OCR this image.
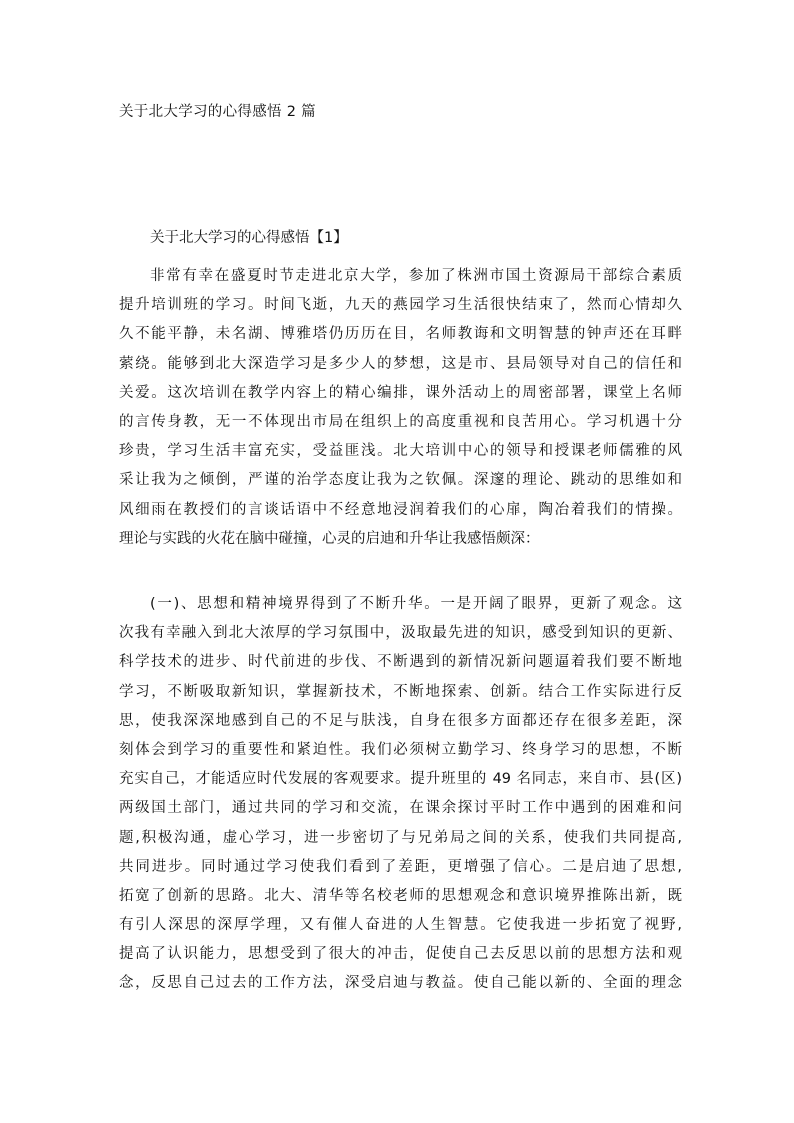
关于北大学习的心得感悟 2 篇
关于北大学习的心得感悟【1】
非常有幸在盛夏时节走进北京大学，参加了株洲市国土资源局干部综合素质
提升培训班的学习。时间飞逝，九天的燕园学习生活很快结束了，然而心情却久
久不能平静，未名湖、博雅塔仍历历在目，名师教诲和文明智慧的钟声还在耳畔
萦绕。能够到北大深造学习是多少人的梦想，这是市、县局领导对自己的信任和
关爱。这次培训在教学内容上的精心编排，课外活动上的周密部署，课堂上名师
的言传身教，无一不体现出市局在组织上的高度重视和良苦用心。学习机遇十分
珍贵，学习生活丰富充实，受益匪浅。北大培训中心的领导和授课老师儒雅的风
采让我为之倾倒，严谨的治学态度让我为之钦佩。深邃的理论、跳动的思维如和
风细雨在教授们的言谈话语中不经意地浸润着我们的心扉，陶冶着我们的情操。
理论与实践的火花在脑中碰撞，心灵的启迪和升华让我感悟颇深：
(一)、思想和精神境界得到了不断升华。一是开阔了眼界，更新了观念。这
次我有幸融入到北大浓厚的学习氛围中，汲取最先进的知识，感受到知识的更新、
科学技术的进步、时代前进的步伐、不断遇到的新情况新问题逼着我们要不断地
学习，不断吸取新知识，掌握新技术，不断地探索、创新。结合工作实际进行反
思，使我深深地感到自己的不足与肤浅，自身在很多方面都还存在很多差距，深
刻体会到学习的重要性和紧迫性。我们必须树立勤学习、终身学习的思想，不断
充实自己，才能适应时代发展的客观要求。提升班里的 49 名同志，来自市、县(区)
两级国土部门，通过共同的学习和交流，在课余探讨平时工作中遇到的困难和问
题,积极沟通，虚心学习，进一步密切了与兄弟局之间的关系，使我们共同提高,
共同进步。同时通过学习使我们看到了差距，更增强了信心。二是启迪了思想,
拓宽了创新的思路。北大、清华等名校老师的思想观念和意识境界推陈出新，既
有引人深思的深厚学理，又有催人奋进的人生智慧。它使我进一步拓宽了视野,
提高了认识能力，思想受到了很大的冲击，促使自己去反思以前的思想方法和观
念，反思自己过去的工作方法，深受启迪与教益。使自己能以新的、全面的理念
